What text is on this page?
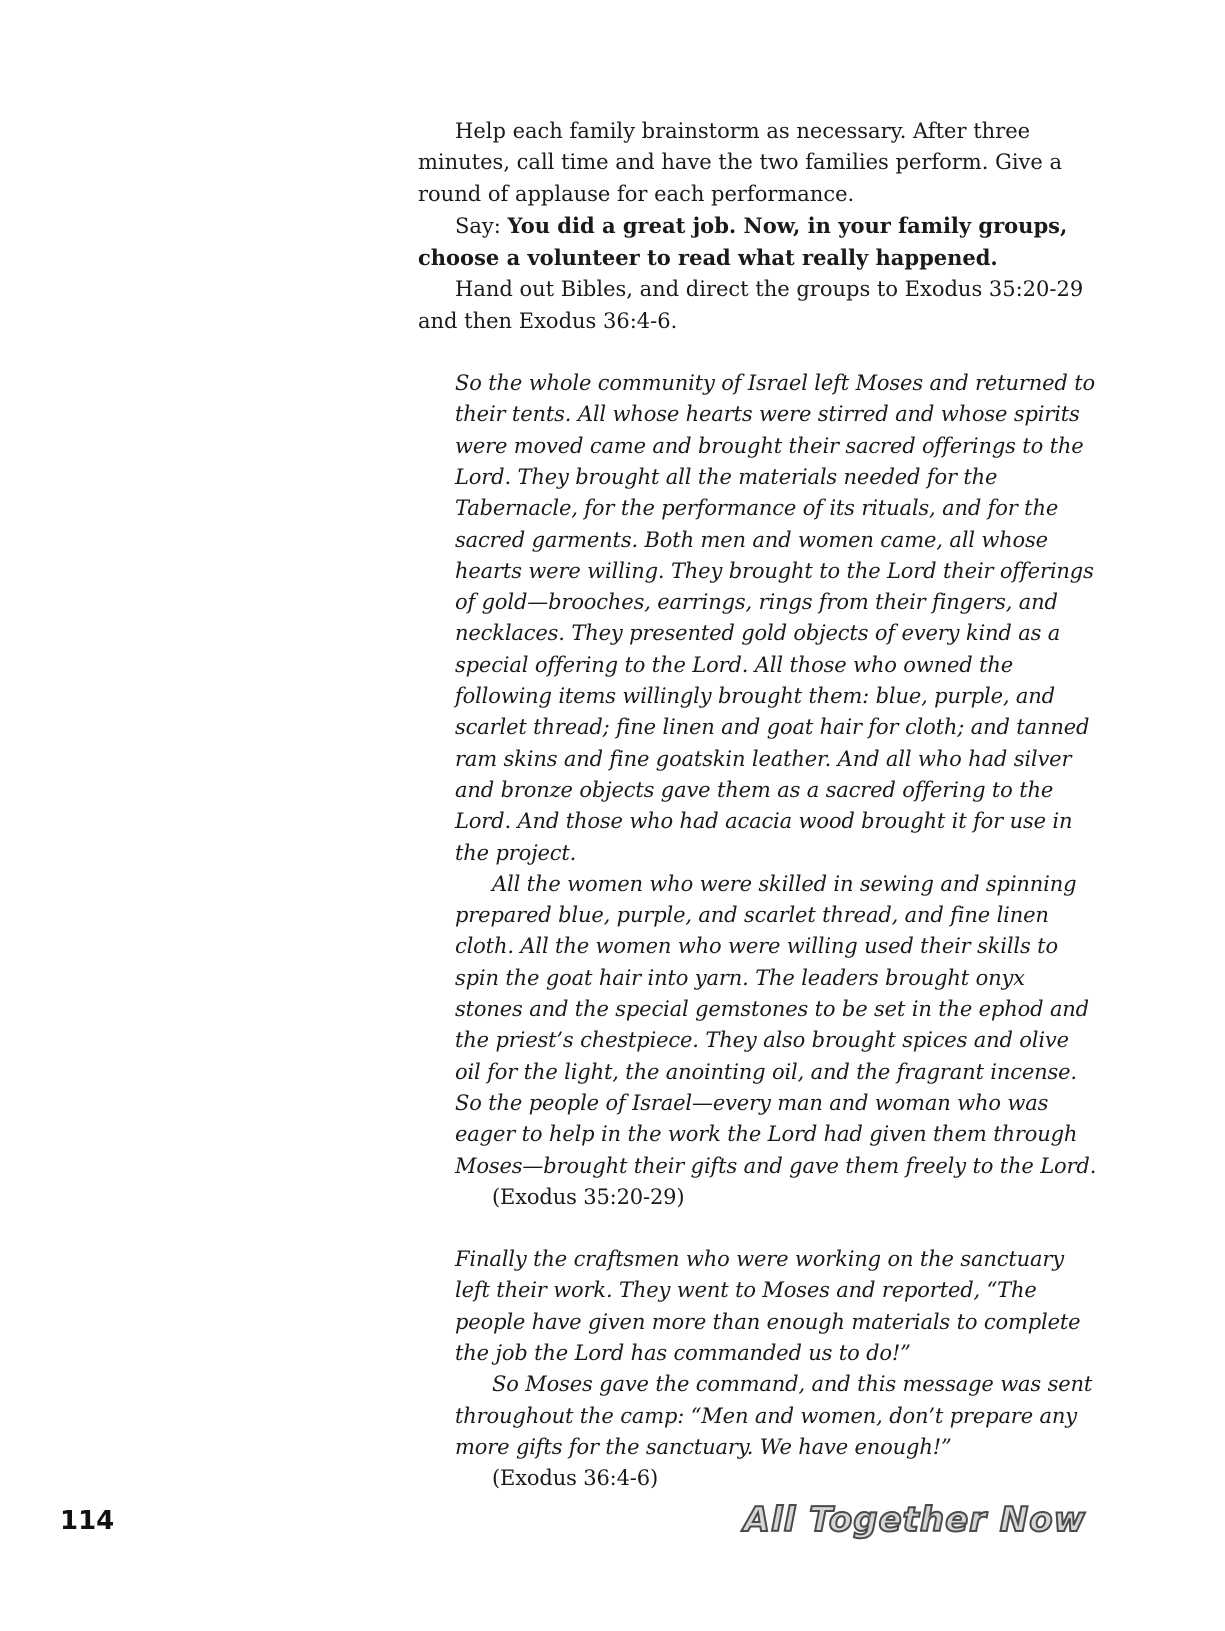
Help each family brainstorm as necessary. After three minutes, call time and have the two families perform. Give a round of applause for each performance.

Say: You did a great job. Now, in your family groups, choose a volunteer to read what really happened.

Hand out Bibles, and direct the groups to Exodus 35:20-29 and then Exodus 36:4-6.

So the whole community of Israel left Moses and returned to their tents. All whose hearts were stirred and whose spirits were moved came and brought their sacred offerings to the Lord. They brought all the materials needed for the Tabernacle, for the performance of its rituals, and for the sacred garments. Both men and women came, all whose hearts were willing. They brought to the Lord their offerings of gold—brooches, earrings, rings from their fingers, and necklaces. They presented gold objects of every kind as a special offering to the Lord. All those who owned the following items willingly brought them: blue, purple, and scarlet thread; fine linen and goat hair for cloth; and tanned ram skins and fine goatskin leather. And all who had silver and bronze objects gave them as a sacred offering to the Lord. And those who had acacia wood brought it for use in the project.

All the women who were skilled in sewing and spinning prepared blue, purple, and scarlet thread, and fine linen cloth. All the women who were willing used their skills to spin the goat hair into yarn. The leaders brought onyx stones and the special gemstones to be set in the ephod and the priest’s chestpiece. They also brought spices and olive oil for the light, the anointing oil, and the fragrant incense. So the people of Israel—every man and woman who was eager to help in the work the Lord had given them through Moses—brought their gifts and gave them freely to the Lord.

(Exodus 35:20-29)

Finally the craftsmen who were working on the sanctuary left their work. They went to Moses and reported, “The people have given more than enough materials to complete the job the Lord has commanded us to do!”

So Moses gave the command, and this message was sent throughout the camp: “Men and women, don’t prepare any more gifts for the sanctuary. We have enough!”

(Exodus 36:4-6)

114	All Together Now
